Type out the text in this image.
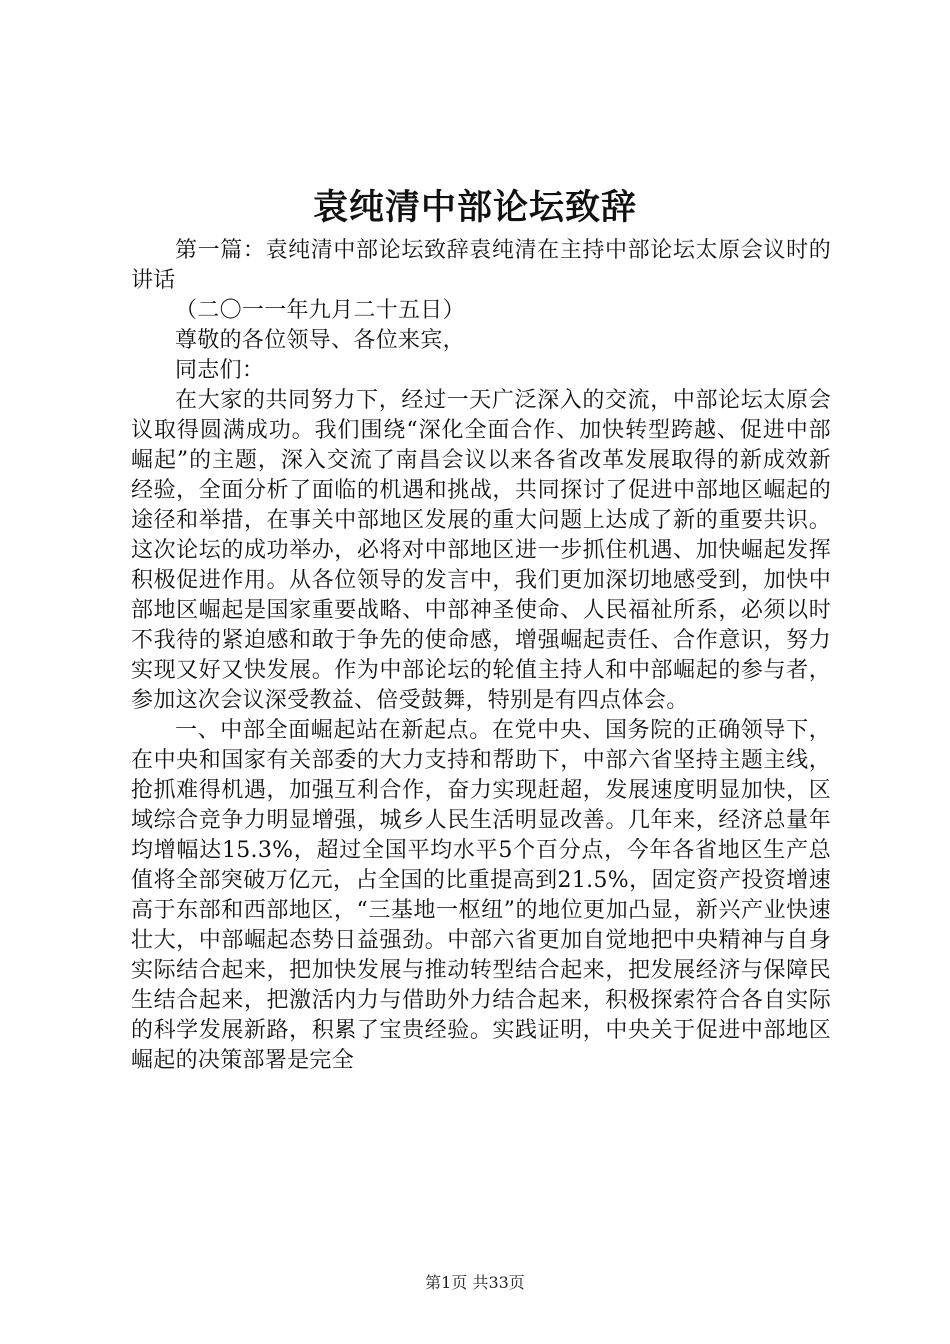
袁纯清中部论坛致辞

第一篇：袁纯清中部论坛致辞袁纯清在主持中部论坛太原会议时的讲话

（二〇一一年九月二十五日）

尊敬的各位领导、各位来宾，

同志们：

在大家的共同努力下，经过一天广泛深入的交流，中部论坛太原会议取得圆满成功。我们围绕“深化全面合作、加快转型跨越、促进中部崛起”的主题，深入交流了南昌会议以来各省改革发展取得的新成效新经验，全面分析了面临的机遇和挑战，共同探讨了促进中部地区崛起的途径和举措，在事关中部地区发展的重大问题上达成了新的重要共识。这次论坛的成功举办，必将对中部地区进一步抓住机遇、加快崛起发挥积极促进作用。从各位领导的发言中，我们更加深切地感受到，加快中部地区崛起是国家重要战略、中部神圣使命、人民福祉所系，必须以时不我待的紧迫感和敢于争先的使命感，增强崛起责任、合作意识，努力实现又好又快发展。作为中部论坛的轮值主持人和中部崛起的参与者，参加这次会议深受教益、倍受鼓舞，特别是有四点体会。

一、中部全面崛起站在新起点。在党中央、国务院的正确领导下，在中央和国家有关部委的大力支持和帮助下，中部六省坚持主题主线，抢抓难得机遇，加强互利合作，奋力实现赶超，发展速度明显加快，区域综合竞争力明显增强，城乡人民生活明显改善。几年来，经济总量年均增幅达15.3%，超过全国平均水平5个百分点，今年各省地区生产总值将全部突破万亿元，占全国的比重提高到21.5%，固定资产投资增速高于东部和西部地区，“三基地一枢纽”的地位更加凸显，新兴产业快速壮大，中部崛起态势日益强劲。中部六省更加自觉地把中央精神与自身实际结合起来，把加快发展与推动转型结合起来，把发展经济与保障民生结合起来，把激活内力与借助外力结合起来，积极探索符合各自实际的科学发展新路，积累了宝贵经验。实践证明，中央关于促进中部地区崛起的决策部署是完全

第1页 共33页
